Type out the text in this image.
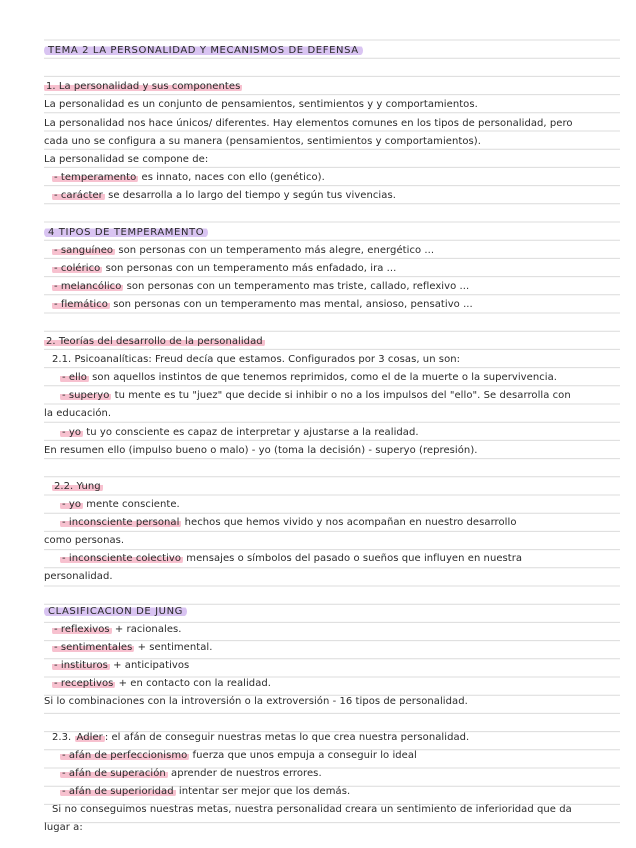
TEMA 2 LA PERSONALIDAD Y MECANISMOS DE DEFENSA
1. La personalidad y sus componentes
La personalidad es un conjunto de pensamientos, sentimientos y y comportamientos.
La personalidad nos hace únicos/ diferentes. Hay elementos comunes en los tipos de personalidad, pero
cada uno se configura a su manera (pensamientos, sentimientos y comportamientos).
La personalidad se compone de:
- temperamento es innato, naces con ello (genético).
- carácter se desarrolla a lo largo del tiempo y según tus vivencias.
4 TIPOS DE TEMPERAMENTO
- sanguíneo son personas con un temperamento más alegre, energético ...
- colérico son personas con un temperamento más enfadado, ira ...
- melancólico son personas con un temperamento mas triste, callado, reflexivo ...
- flemático son personas con un temperamento mas mental, ansioso, pensativo ...
2. Teorías del desarrollo de la personalidad
2.1. Psicoanalíticas: Freud decía que estamos. Configurados por 3 cosas, un son:
- ello son aquellos instintos de que tenemos reprimidos, como el de la muerte o la supervivencia.
- superyo tu mente es tu "juez" que decide si inhibir o no a los impulsos del "ello". Se desarrolla con
la educación.
- yo tu yo consciente es capaz de interpretar y ajustarse a la realidad.
En resumen ello (impulso bueno o malo) - yo (toma la decisión) - superyo (represión).
2.2. Yung
- yo mente consciente.
- inconsciente personal hechos que hemos vivido y nos acompañan en nuestro desarrollo
como personas.
- inconsciente colectivo mensajes o símbolos del pasado o sueños que influyen en nuestra
personalidad.
CLASIFICACIÓN DE JUNG
- reflexivos + racionales.
- sentimentales + sentimental.
- instituros + anticipativos
- receptivos + en contacto con la realidad.
Si lo combinaciones con la introversión o la extroversión - 16 tipos de personalidad.
2.3. Adler : el afán de conseguir nuestras metas lo que crea nuestra personalidad.
- afán de perfeccionismo fuerza que unos empuja a conseguir lo ideal
- afán de superación aprender de nuestros errores.
- afán de superioridad intentar ser mejor que los demás.
Si no conseguimos nuestras metas, nuestra personalidad creara un sentimiento de inferioridad que da
lugar a:
